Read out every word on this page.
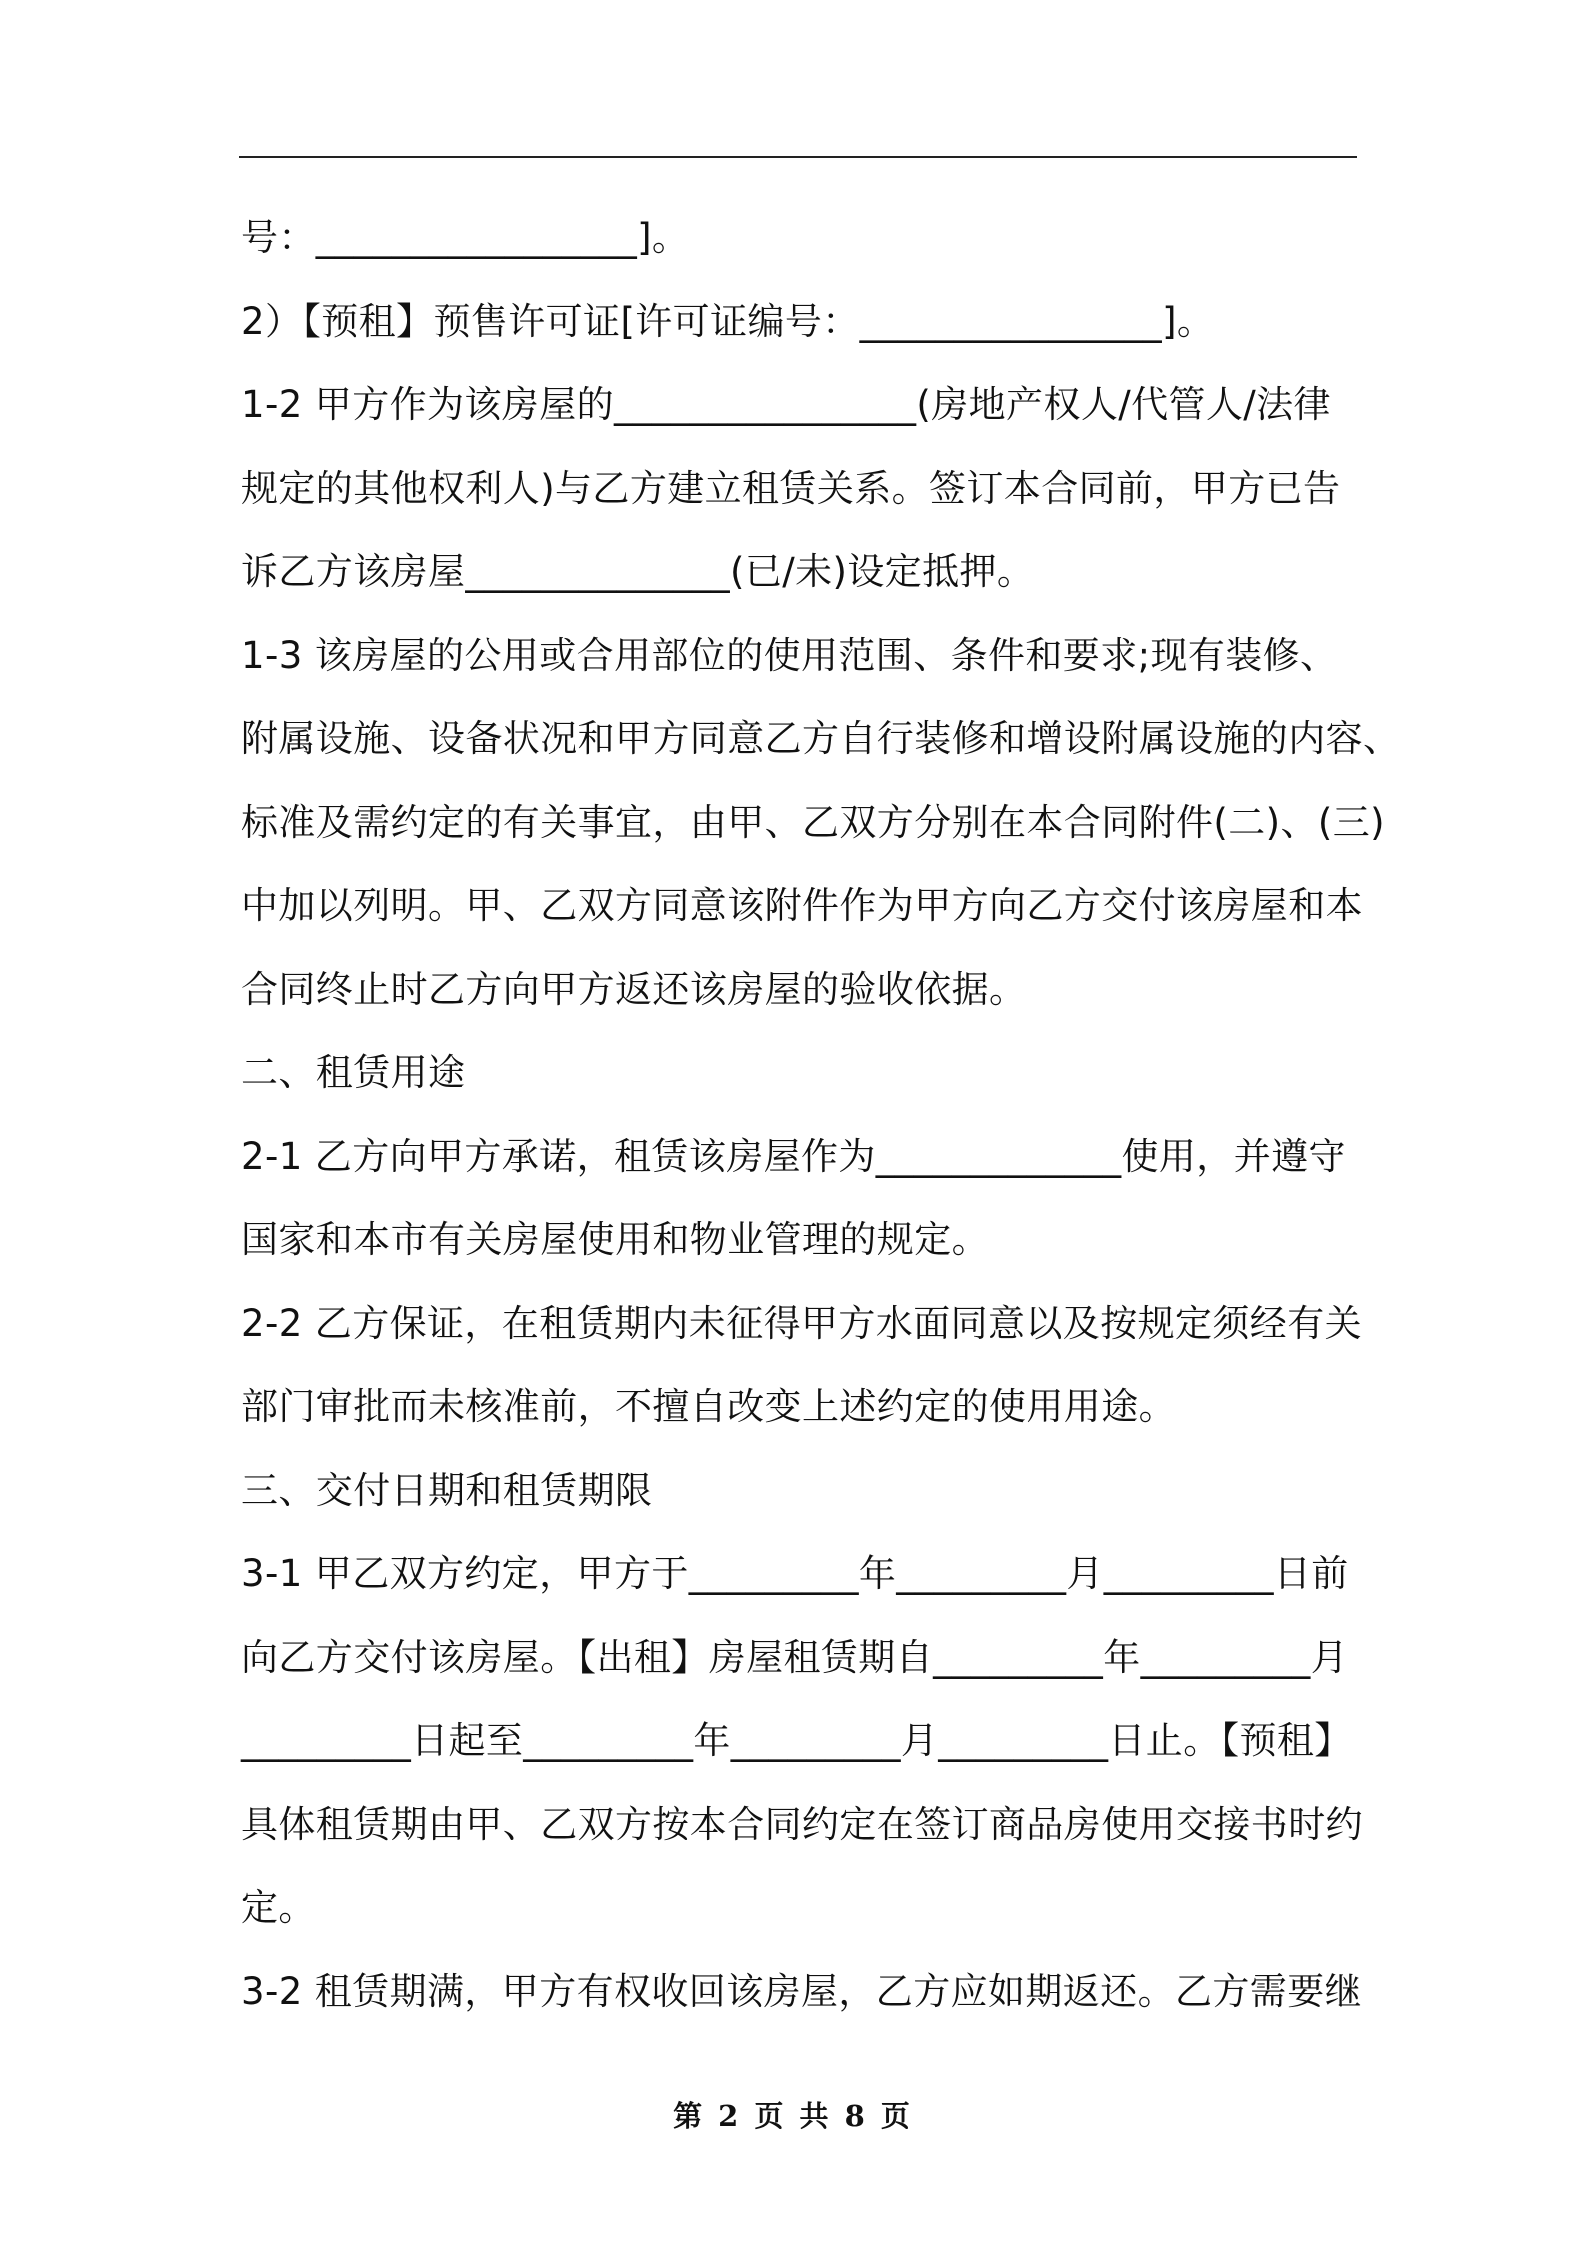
号：_________________]。
2）【预租】预售许可证[许可证编号：________________]。
1-2 甲方作为该房屋的________________(房地产权人/代管人/法律
规定的其他权利人)与乙方建立租赁关系。签订本合同前，甲方已告
诉乙方该房屋______________(已/未)设定抵押。
1-3 该房屋的公用或合用部位的使用范围、条件和要求;现有装修、
附属设施、设备状况和甲方同意乙方自行装修和增设附属设施的内容、
标准及需约定的有关事宜，由甲、乙双方分别在本合同附件(二)、(三)
中加以列明。甲、乙双方同意该附件作为甲方向乙方交付该房屋和本
合同终止时乙方向甲方返还该房屋的验收依据。
二、租赁用途
2-1 乙方向甲方承诺，租赁该房屋作为_____________使用，并遵守
国家和本市有关房屋使用和物业管理的规定。
2-2 乙方保证，在租赁期内未征得甲方水面同意以及按规定须经有关
部门审批而未核准前，不擅自改变上述约定的使用用途。
三、交付日期和租赁期限
3-1 甲乙双方约定，甲方于_________年_________月_________日前
向乙方交付该房屋。【出租】房屋租赁期自_________年_________月
_________日起至_________年_________月_________日止。【预租】
具体租赁期由甲、乙双方按本合同约定在签订商品房使用交接书时约
定。
3-2 租赁期满，甲方有权收回该房屋，乙方应如期返还。乙方需要继
第 2 页 共 8 页
